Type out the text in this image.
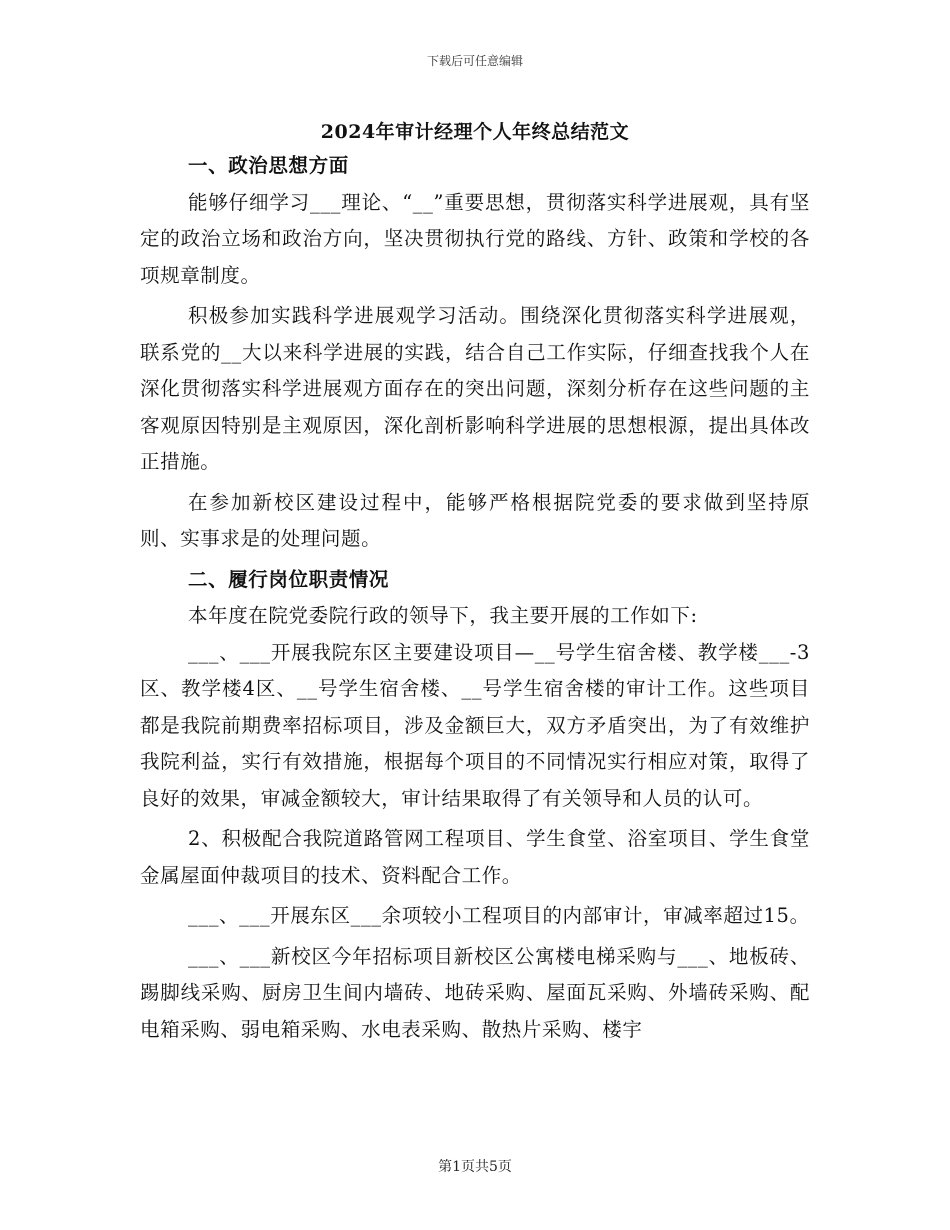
下载后可任意编辑
2024年审计经理个人年终总结范文
一、政治思想方面

能够仔细学习___理论、“__”重要思想，贯彻落实科学进展观，具有坚定的政治立场和政治方向，坚决贯彻执行党的路线、方针、政策和学校的各项规章制度。

积极参加实践科学进展观学习活动。围绕深化贯彻落实科学进展观，联系党的__大以来科学进展的实践，结合自己工作实际，仔细查找我个人在深化贯彻落实科学进展观方面存在的突出问题，深刻分析存在这些问题的主客观原因特别是主观原因，深化剖析影响科学进展的思想根源，提出具体改正措施。

在参加新校区建设过程中，能够严格根据院党委的要求做到坚持原则、实事求是的处理问题。

二、履行岗位职责情况

本年度在院党委院行政的领导下，我主要开展的工作如下:

___、___开展我院东区主要建设项目—__号学生宿舍楼、教学楼___-3区、教学楼4区、__号学生宿舍楼、__号学生宿舍楼的审计工作。这些项目都是我院前期费率招标项目，涉及金额巨大，双方矛盾突出，为了有效维护我院利益，实行有效措施，根据每个项目的不同情况实行相应对策，取得了良好的效果，审减金额较大，审计结果取得了有关领导和人员的认可。

2、积极配合我院道路管网工程项目、学生食堂、浴室项目、学生食堂金属屋面仲裁项目的技术、资料配合工作。

___、___开展东区___余项较小工程项目的内部审计，审减率超过15。

___、___新校区今年招标项目新校区公寓楼电梯采购与___、地板砖、踢脚线采购、厨房卫生间内墙砖、地砖采购、屋面瓦采购、外墙砖采购、配电箱采购、弱电箱采购、水电表采购、散热片采购、楼宇

第1页共5页
